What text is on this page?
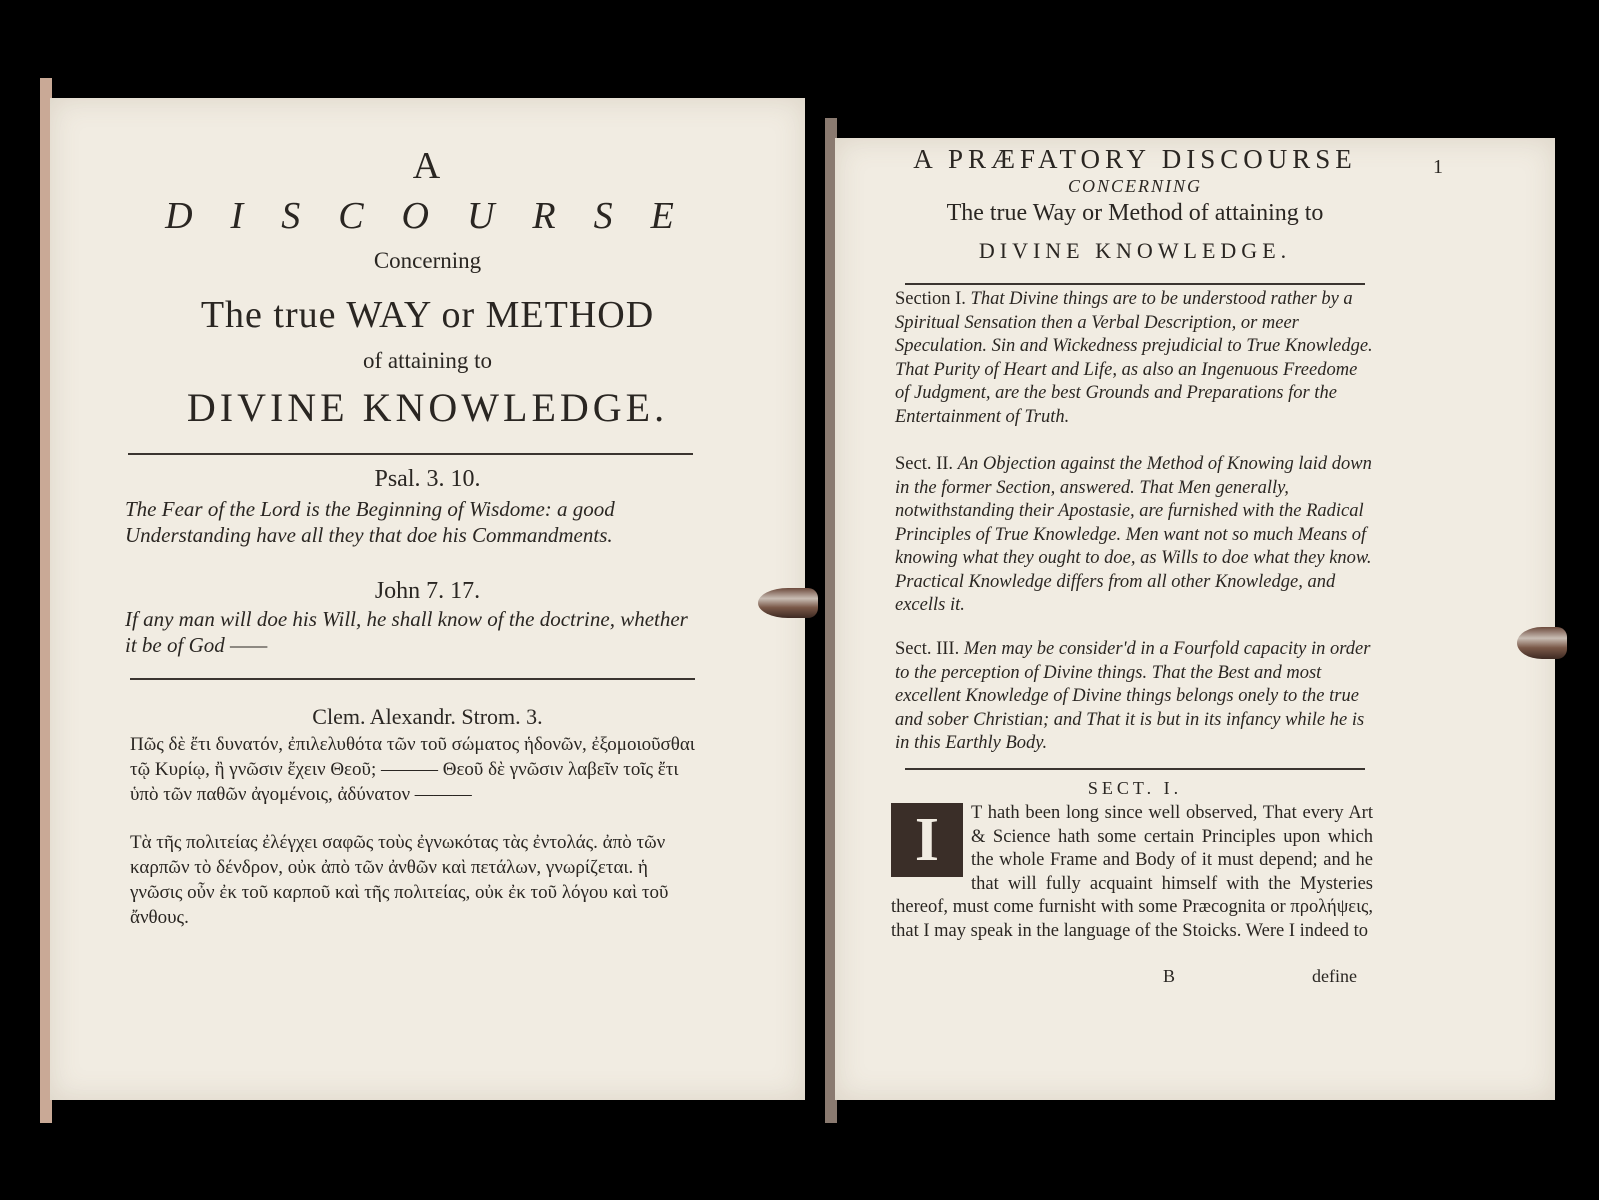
A
DISCOURSE
Concerning
The true WAY or METHOD
of attaining to
DIVINE KNOWLEDGE.
Psal. 3. 10.
The Fear of the Lord is the Beginning of Wisdome: a good Understanding have all they that doe his Commandments.
John 7. 17.
If any man will doe his Will, he shall know of the doctrine, whether it be of God ——
Clem. Alexandr. Strom. 3.
Πῶς δὲ ἔτι δυνατόν, ἐπιλελυθότα τῶν τοῦ σώματος ἡδονῶν, ἐξομοιοῦσθαι τῷ Κυρίῳ, ἢ γνῶσιν ἔχειν Θεοῦ; ——— Θεοῦ δὲ γνῶσιν λαβεῖν τοῖς ἔτι ὑπὸ τῶν παθῶν ἀγομένοις, ἀδύνατον ———
Τὰ τῆς πολιτείας ἐλέγχει σαφῶς τοὺς ἐγνωκότας τὰς ἐντολάς. ἀπὸ τῶν καρπῶν τὸ δένδρον, οὐκ ἀπὸ τῶν ἀνθῶν καὶ πετάλων, γνωρίζεται. ἡ γνῶσις οὖν ἐκ τοῦ καρποῦ καὶ τῆς πολιτείας, οὐκ ἐκ τοῦ λόγου καὶ τοῦ ἄνθους.
A PRÆFATORY DISCOURSE	1
CONCERNING
The true Way or Method of attaining to
DIVINE KNOWLEDGE.
Section I. That Divine things are to be understood rather by a Spiritual Sensation then a Verbal Description, or meer Speculation. Sin and Wickedness prejudicial to True Knowledge. That Purity of Heart and Life, as also an Ingenuous Freedome of Judgment, are the best Grounds and Preparations for the Entertainment of Truth.
Sect. II. An Objection against the Method of Knowing laid down in the former Section, answered. That Men generally, notwithstanding their Apostasie, are furnished with the Radical Principles of True Knowledge. Men want not so much Means of knowing what they ought to doe, as Wills to doe what they know. Practical Knowledge differs from all other Knowledge, and excells it.
Sect. III. Men may be consider'd in a Fourfold capacity in order to the perception of Divine things. That the Best and most excellent Knowledge of Divine things belongs onely to the true and sober Christian; and That it is but in its infancy while he is in this Earthly Body.
SECT. I.
T hath been long since well observed, That every Art & Science hath some certain Principles upon which the whole Frame and Body of it must depend; and he that will fully acquaint himself with the Mysteries thereof, must come furnisht with some Præcognita or προλήψεις, that I may speak in the language of the Stoicks. Were I indeed to
I
B	define
